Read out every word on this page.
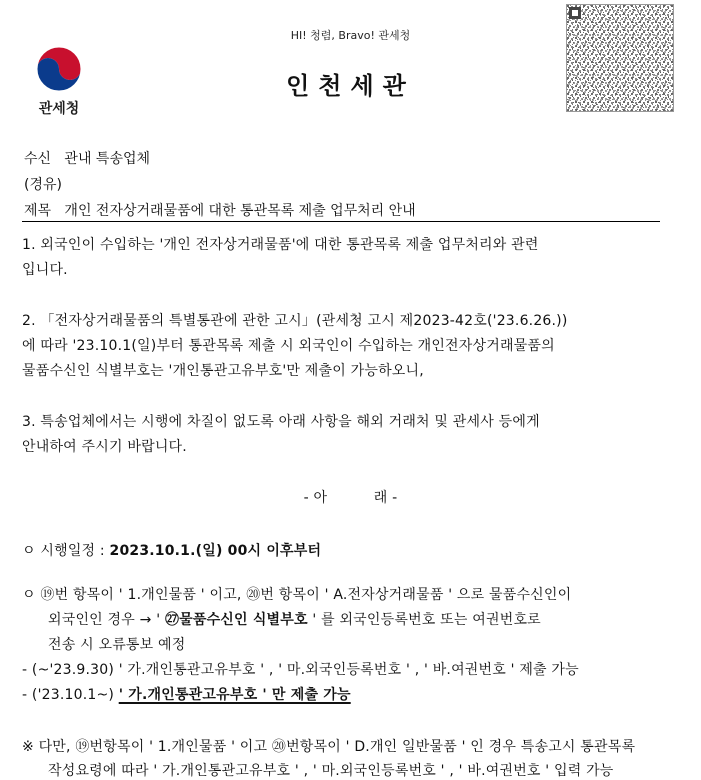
HI! 청렴, Bravo! 관세청
인천세관
관세청
수신 관내 특송업체
(경유)
제목 개인 전자상거래물품에 대한 통관목록 제출 업무처리 안내
1. 외국인이 수입하는 '개인 전자상거래물품'에 대한 통관목록 제출 업무처리와 관련
입니다.
2. 「전자상거래물품의 특별통관에 관한 고시」(관세청 고시 제2023-42호('23.6.26.))
에 따라 '23.10.1(일)부터 통관목록 제출 시 외국인이 수입하는 개인전자상거래물품의
물품수신인 식별부호는 '개인통관고유부호'만 제출이 가능하오니,
3. 특송업체에서는 시행에 차질이 없도록 아래 사항을 해외 거래처 및 관세사 등에게
안내하여 주시기 바랍니다.
- 아          래 -
ㅇ 시행일정 : 2023.10.1.(일) 00시 이후부터
ㅇ ⑲번 항목이 ' 1.개인물품 ' 이고, ⑳번 항목이 ' A.전자상거래물품 ' 으로 물품수신인이
외국인인 경우 → ' ㉗물품수신인 식별부호 ' 를 외국인등록번호 또는 여권번호로
전송 시 오류통보 예정
- (~'23.9.30) ' 가.개인통관고유부호 ' , ' 마.외국인등록번호 ' , ' 바.여권번호 ' 제출 가능
- ('23.10.1~) ' 가.개인통관고유부호 ' 만 제출 가능
※ 다만, ⑲번항목이 ' 1.개인물품 ' 이고 ⑳번항목이 ' D.개인 일반물품 ' 인 경우 특송고시 통관목록
작성요령에 따라 ' 가.개인통관고유부호 ' , ' 마.외국인등록번호 ' , ' 바.여권번호 ' 입력 가능
